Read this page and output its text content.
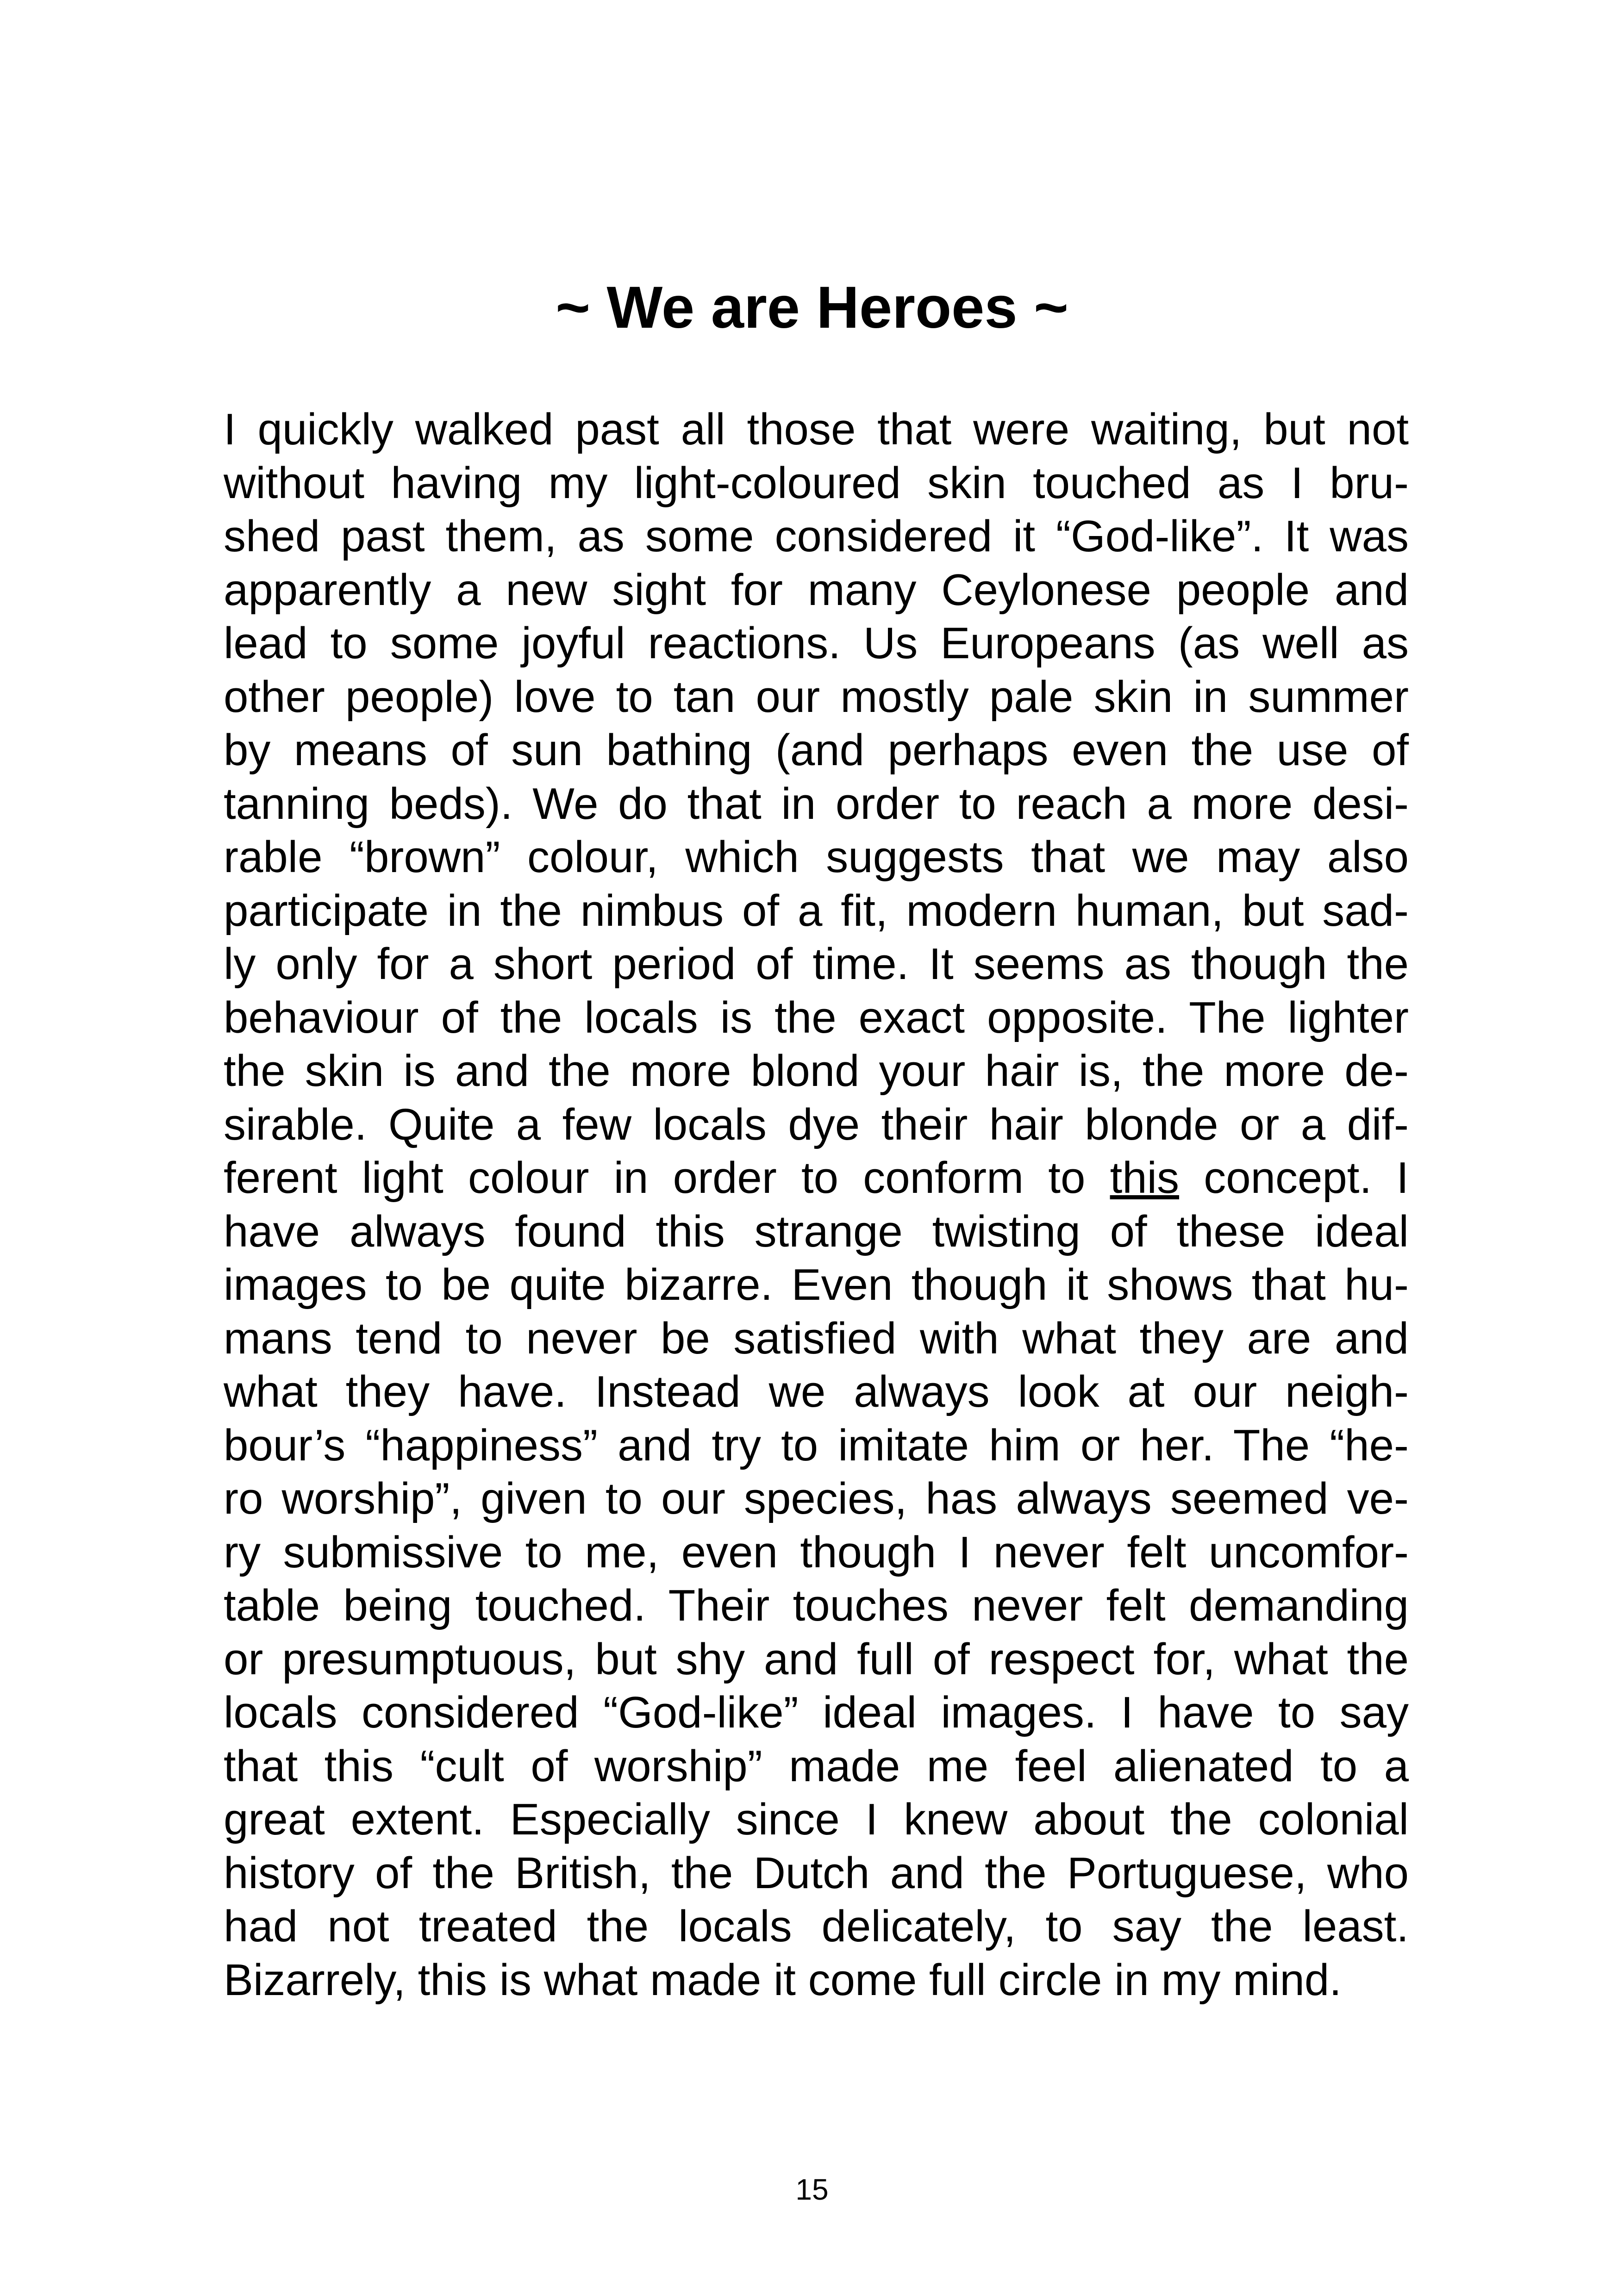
~ We are Heroes ~
I quickly walked past all those that were waiting, but not
without having my light-coloured skin touched as I bru-
shed past them, as some considered it “God-like”. It was
apparently a new sight for many Ceylonese people and
lead to some joyful reactions. Us Europeans (as well as
other people) love to tan our mostly pale skin in summer
by means of sun bathing (and perhaps even the use of
tanning beds). We do that in order to reach a more desi-
rable “brown” colour, which suggests that we may also
participate in the nimbus of a fit, modern human, but sad-
ly only for a short period of time. It seems as though the
behaviour of the locals is the exact opposite. The lighter
the skin is and the more blond your hair is, the more de-
sirable. Quite a few locals dye their hair blonde or a dif-
ferent light colour in order to conform to this concept. I
have always found this strange twisting of these ideal
images to be quite bizarre. Even though it shows that hu-
mans tend to never be satisfied with what they are and
what they have. Instead we always look at our neigh-
bour’s “happiness” and try to imitate him or her. The “he-
ro worship”, given to our species, has always seemed ve-
ry submissive to me, even though I never felt uncomfor-
table being touched. Their touches never felt demanding
or presumptuous, but shy and full of respect for, what the
locals considered “God-like” ideal images. I have to say
that this “cult of worship” made me feel alienated to a
great extent. Especially since I knew about the colonial
history of the British, the Dutch and the Portuguese, who
had not treated the locals delicately, to say the least.
Bizarrely, this is what made it come full circle in my mind.
15
